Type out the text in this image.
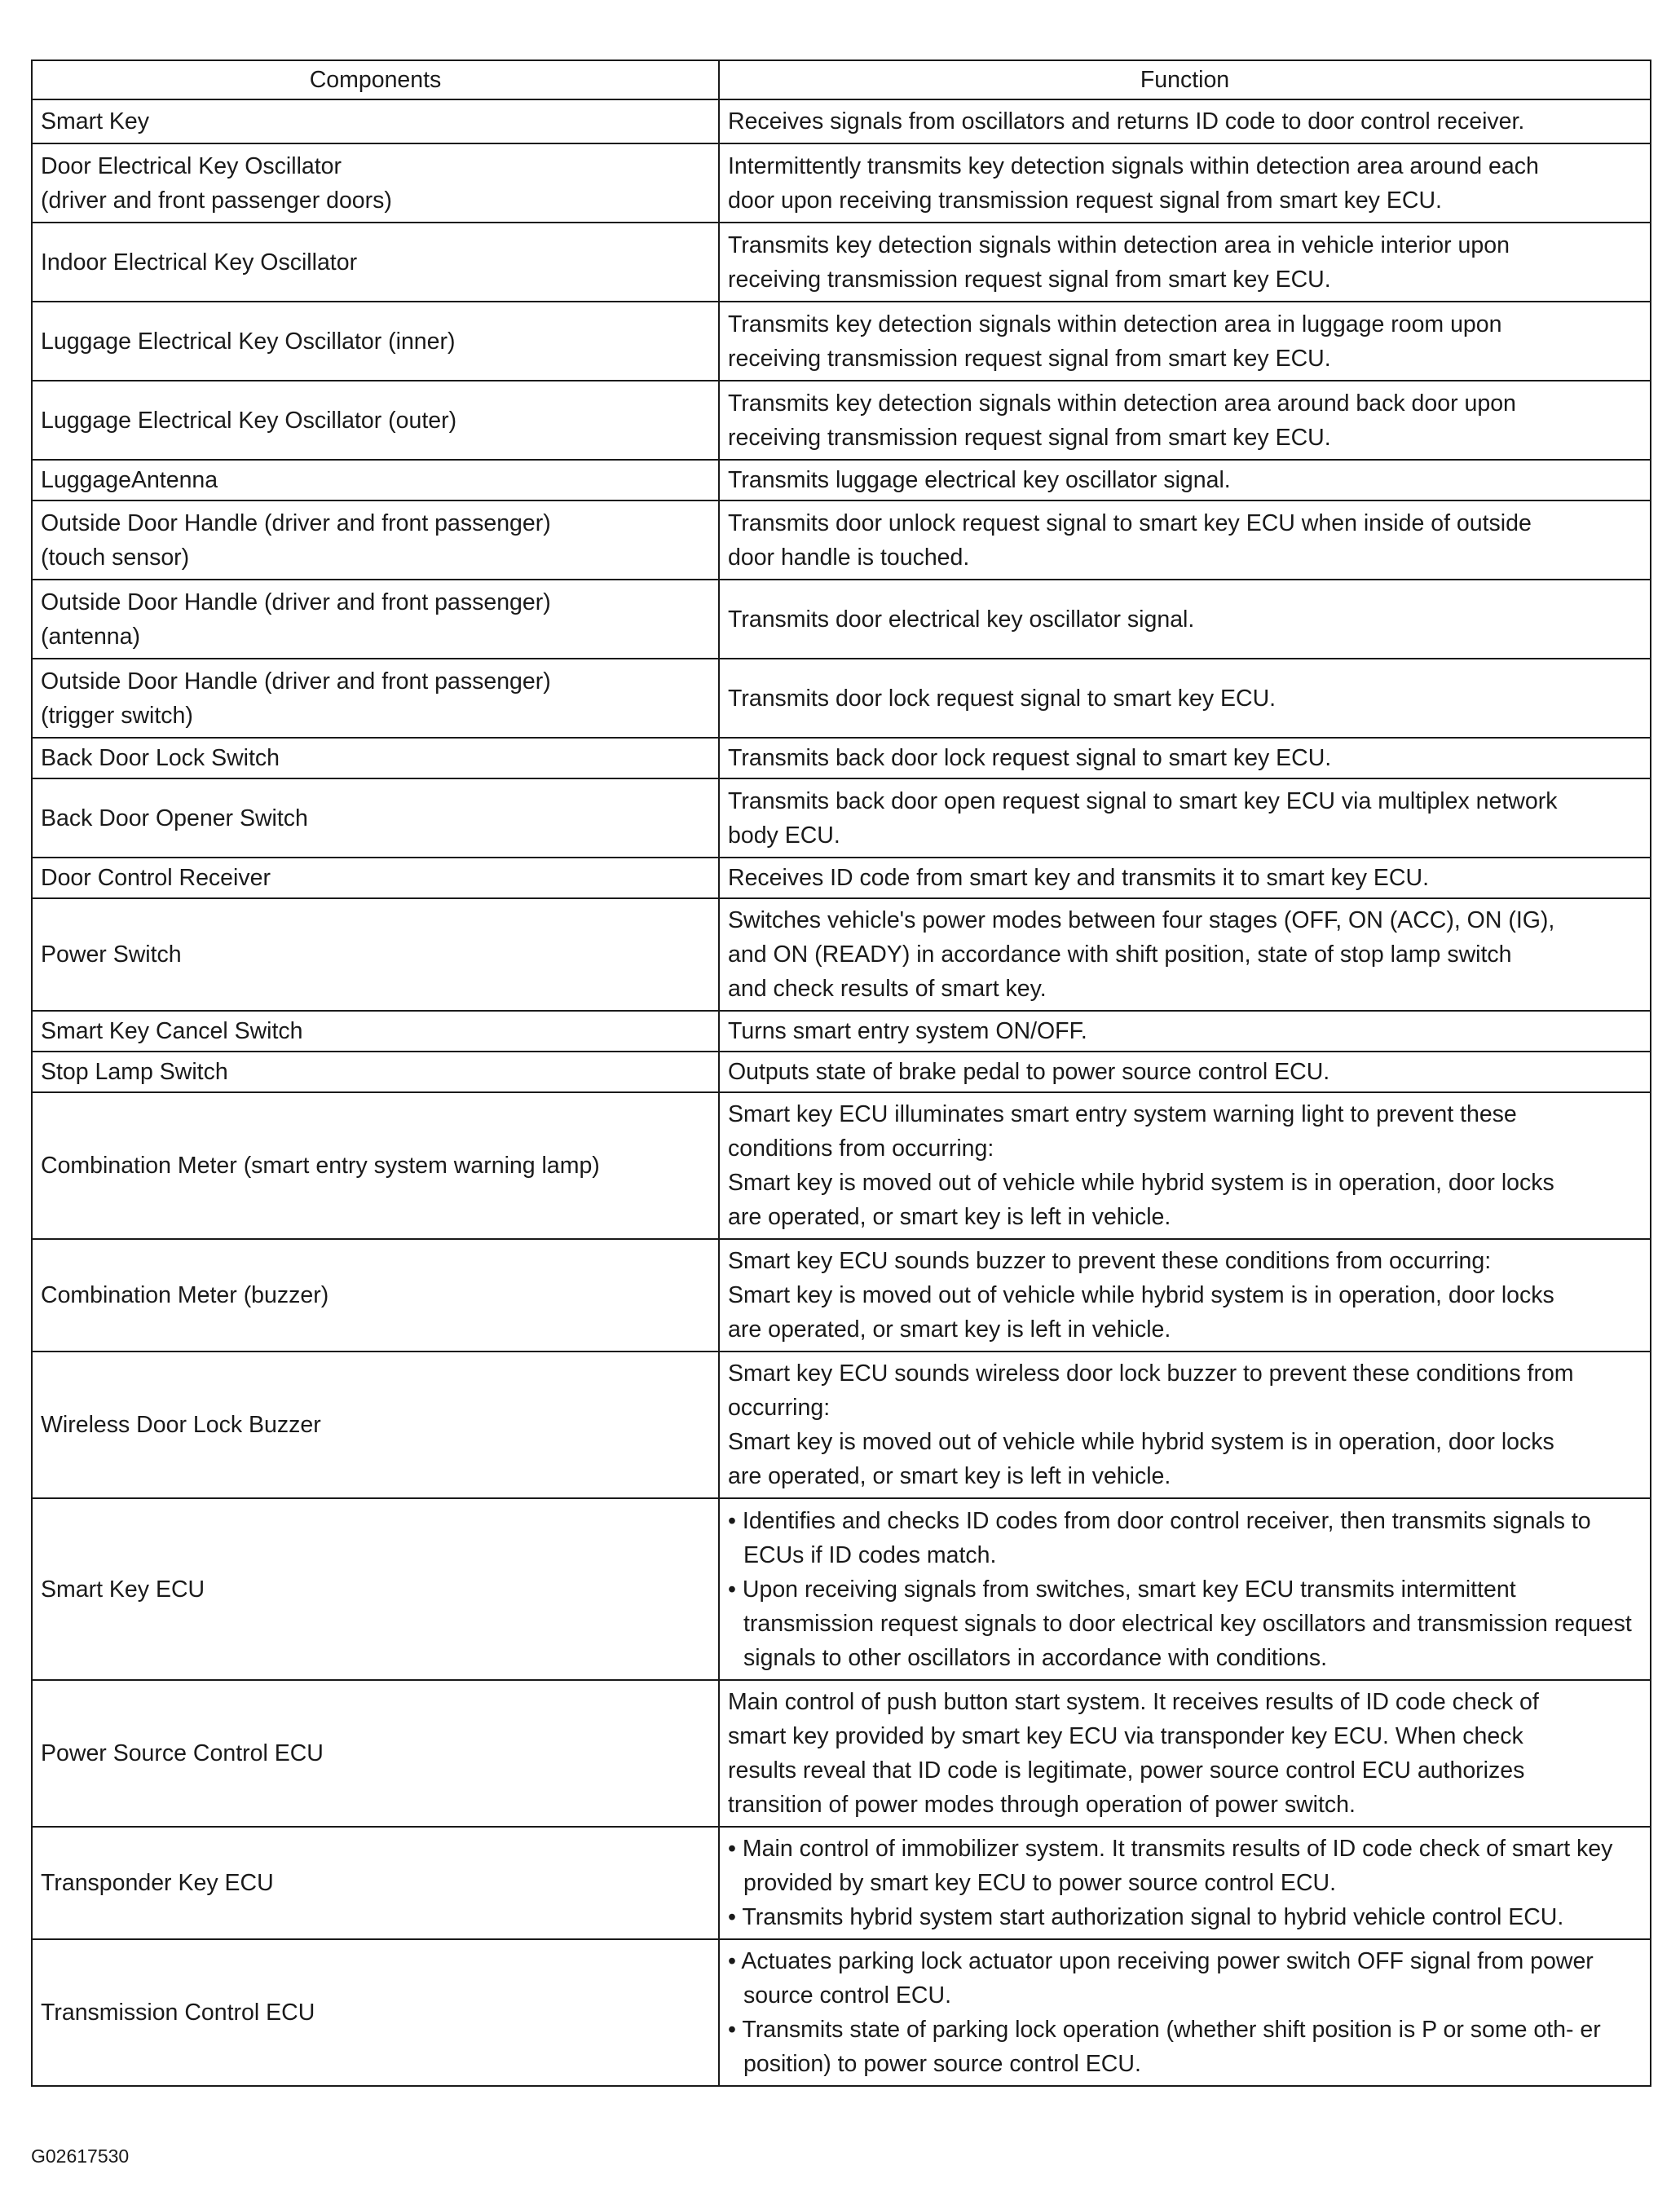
Components	Function

Smart Key	Receives signals from oscillators and returns ID code to door control receiver.

Door Electrical Key Oscillator
(driver and front passenger doors)	Intermittently transmits key detection signals within detection area around each
door upon receiving transmission request signal from smart key ECU.

Indoor Electrical Key Oscillator	Transmits key detection signals within detection area in vehicle interior upon
receiving transmission request signal from smart key ECU.

Luggage Electrical Key Oscillator (inner)	Transmits key detection signals within detection area in luggage room upon
receiving transmission request signal from smart key ECU.

Luggage Electrical Key Oscillator (outer)	Transmits key detection signals within detection area around back door upon
receiving transmission request signal from smart key ECU.

LuggageAntenna	Transmits luggage electrical key oscillator signal.

Outside Door Handle (driver and front passenger)
(touch sensor)	Transmits door unlock request signal to smart key ECU when inside of outside
door handle is touched.

Outside Door Handle (driver and front passenger)
(antenna)	Transmits door electrical key oscillator signal.

Outside Door Handle (driver and front passenger)
(trigger switch)	Transmits door lock request signal to smart key ECU.

Back Door Lock Switch	Transmits back door lock request signal to smart key ECU.

Back Door Opener Switch	Transmits back door open request signal to smart key ECU via multiplex network
body ECU.

Door Control Receiver	Receives ID code from smart key and transmits it to smart key ECU.

Power Switch	Switches vehicle's power modes between four stages (OFF, ON (ACC), ON (IG),
and ON (READY) in accordance with shift position, state of stop lamp switch
and check results of smart key.

Smart Key Cancel Switch	Turns smart entry system ON/OFF.

Stop Lamp Switch	Outputs state of brake pedal to power source control ECU.

Combination Meter (smart entry system warning lamp)	Smart key ECU illuminates smart entry system warning light to prevent these
conditions from occurring:
Smart key is moved out of vehicle while hybrid system is in operation, door locks
are operated, or smart key is left in vehicle.

Combination Meter (buzzer)	Smart key ECU sounds buzzer to prevent these conditions from occurring:
Smart key is moved out of vehicle while hybrid system is in operation, door locks
are operated, or smart key is left in vehicle.

Wireless Door Lock Buzzer	Smart key ECU sounds wireless door lock buzzer to prevent these conditions from
occurring:
Smart key is moved out of vehicle while hybrid system is in operation, door locks
are operated, or smart key is left in vehicle.

Smart Key ECU	• Identifies and checks ID codes from door control receiver, then transmits signals to ECUs if ID codes match.
• Upon receiving signals from switches, smart key ECU transmits intermittent transmission request signals to door electrical key oscillators and transmission request signals to other oscillators in accordance with conditions.

Power Source Control ECU	Main control of push button start system. It receives results of ID code check of
smart key provided by smart key ECU via transponder key ECU. When check
results reveal that ID code is legitimate, power source control ECU authorizes
transition of power modes through operation of power switch.

Transponder Key ECU	• Main control of immobilizer system. It transmits results of ID code check of smart key provided by smart key ECU to power source control ECU.
• Transmits hybrid system start authorization signal to hybrid vehicle control ECU.

Transmission Control ECU	• Actuates parking lock actuator upon receiving power switch OFF signal from power source control ECU.
• Transmits state of parking lock operation (whether shift position is P or some oth- er position) to power source control ECU.
G02617530
